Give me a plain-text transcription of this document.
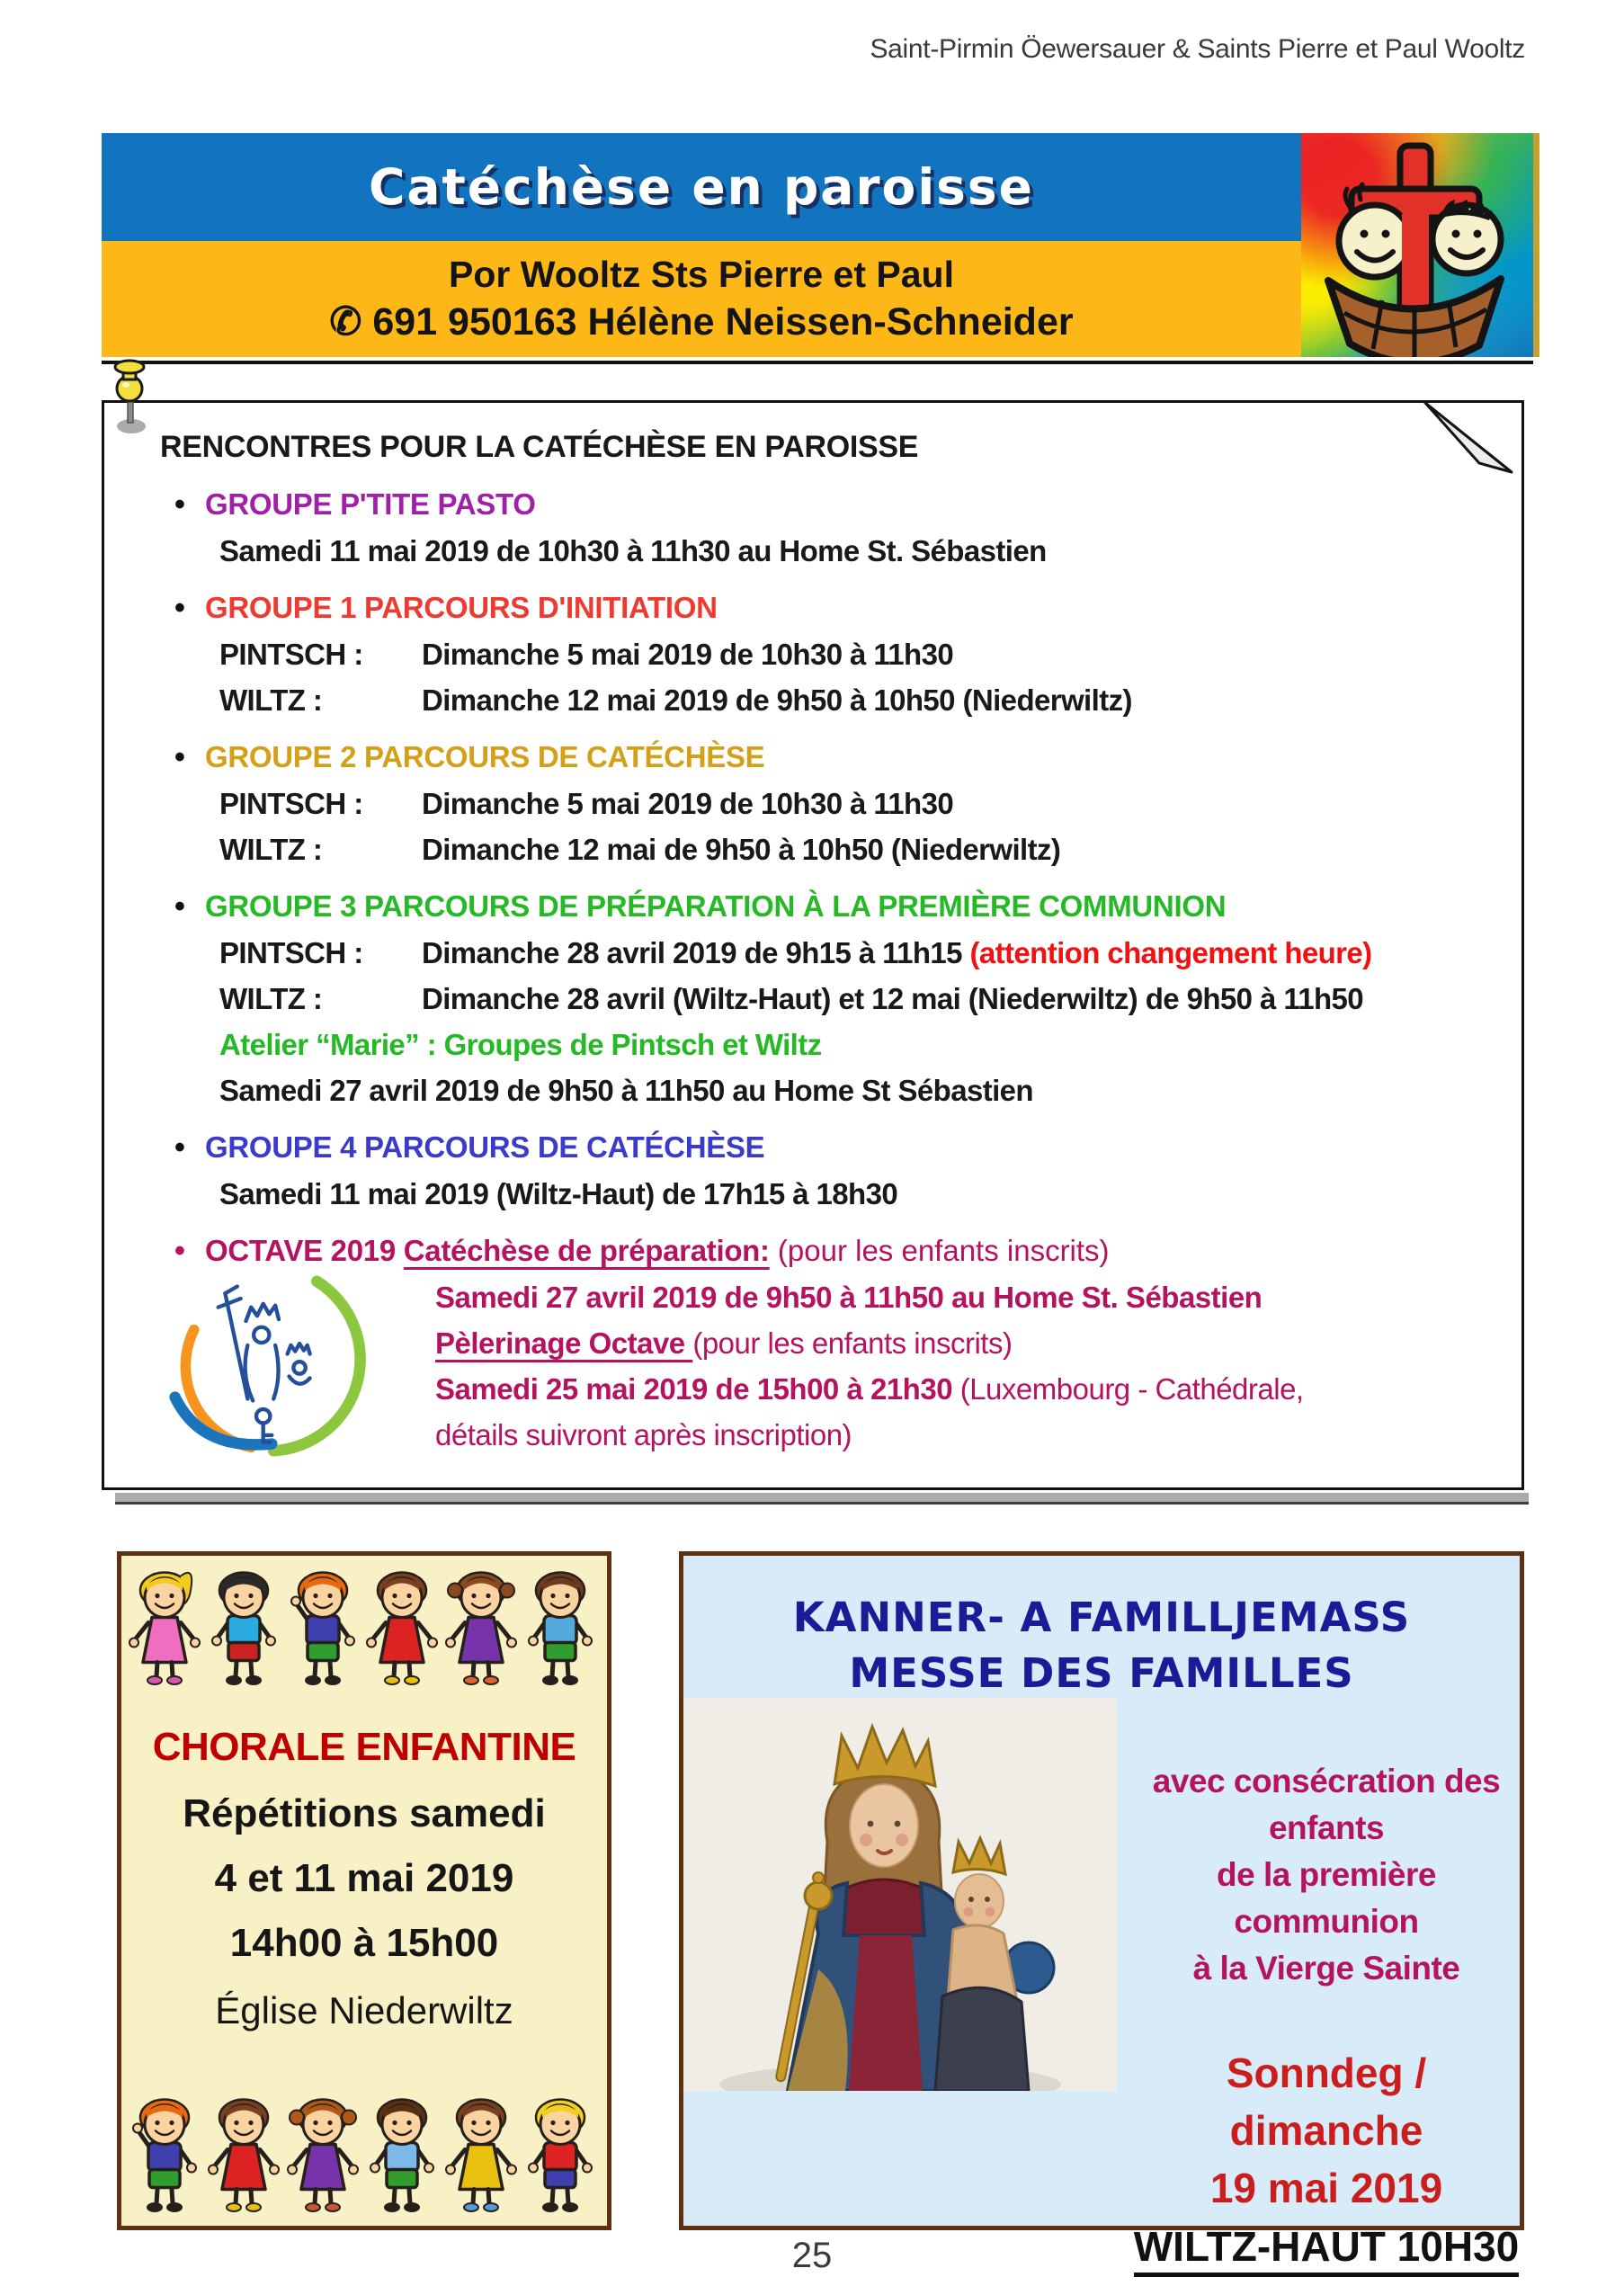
Saint-Pirmin Öewersauer & Saints Pierre et Paul Wooltz
Catéchèse en paroisse
Por Wooltz Sts Pierre et Paul
✆ 691 950163 Hélène Neissen-Schneider
RENCONTRES POUR LA CATÉCHÈSE EN PAROISSE
• GROUPE P'TITE PASTO
Samedi 11 mai 2019 de 10h30 à 11h30 au Home St. Sébastien
• GROUPE 1 PARCOURS D'INITIATION
PINTSCH : Dimanche 5 mai 2019 de 10h30 à 11h30
WILTZ :	Dimanche 12 mai 2019 de 9h50 à 10h50 (Niederwiltz)
• GROUPE 2 PARCOURS DE CATÉCHÈSE
PINTSCH : Dimanche 5 mai 2019 de 10h30 à 11h30
WILTZ :	Dimanche 12 mai de 9h50 à 10h50 (Niederwiltz)
• GROUPE 3 PARCOURS DE PRÉPARATION À LA PREMIÈRE COMMUNION
PINTSCH : Dimanche 28 avril 2019 de 9h15 à 11h15 (attention changement heure)
WILTZ :	Dimanche 28 avril (Wiltz-Haut) et 12 mai (Niederwiltz) de 9h50 à 11h50
Atelier “Marie” : Groupes de Pintsch et Wiltz
Samedi 27 avril 2019 de 9h50 à 11h50 au Home St Sébastien
• GROUPE 4 PARCOURS DE CATÉCHÈSE
Samedi 11 mai 2019 (Wiltz-Haut) de 17h15 à 18h30
• OCTAVE 2019 Catéchèse de préparation: (pour les enfants inscrits)
Samedi 27 avril 2019 de 9h50 à 11h50 au Home St. Sébastien
Pèlerinage Octave (pour les enfants inscrits)
Samedi 25 mai 2019 de 15h00 à 21h30 (Luxembourg - Cathédrale,
détails suivront après inscription)
CHORALE ENFANTINE
Répétitions samedi
4 et 11 mai 2019
14h00 à 15h00
Église Niederwiltz
KANNER- A FAMILLJEMASS
MESSE DES FAMILLES
avec consécration des enfants
de la première communion
à la Vierge Sainte
Sonndeg / dimanche
19 mai 2019
WILTZ-HAUT 10H30
25
